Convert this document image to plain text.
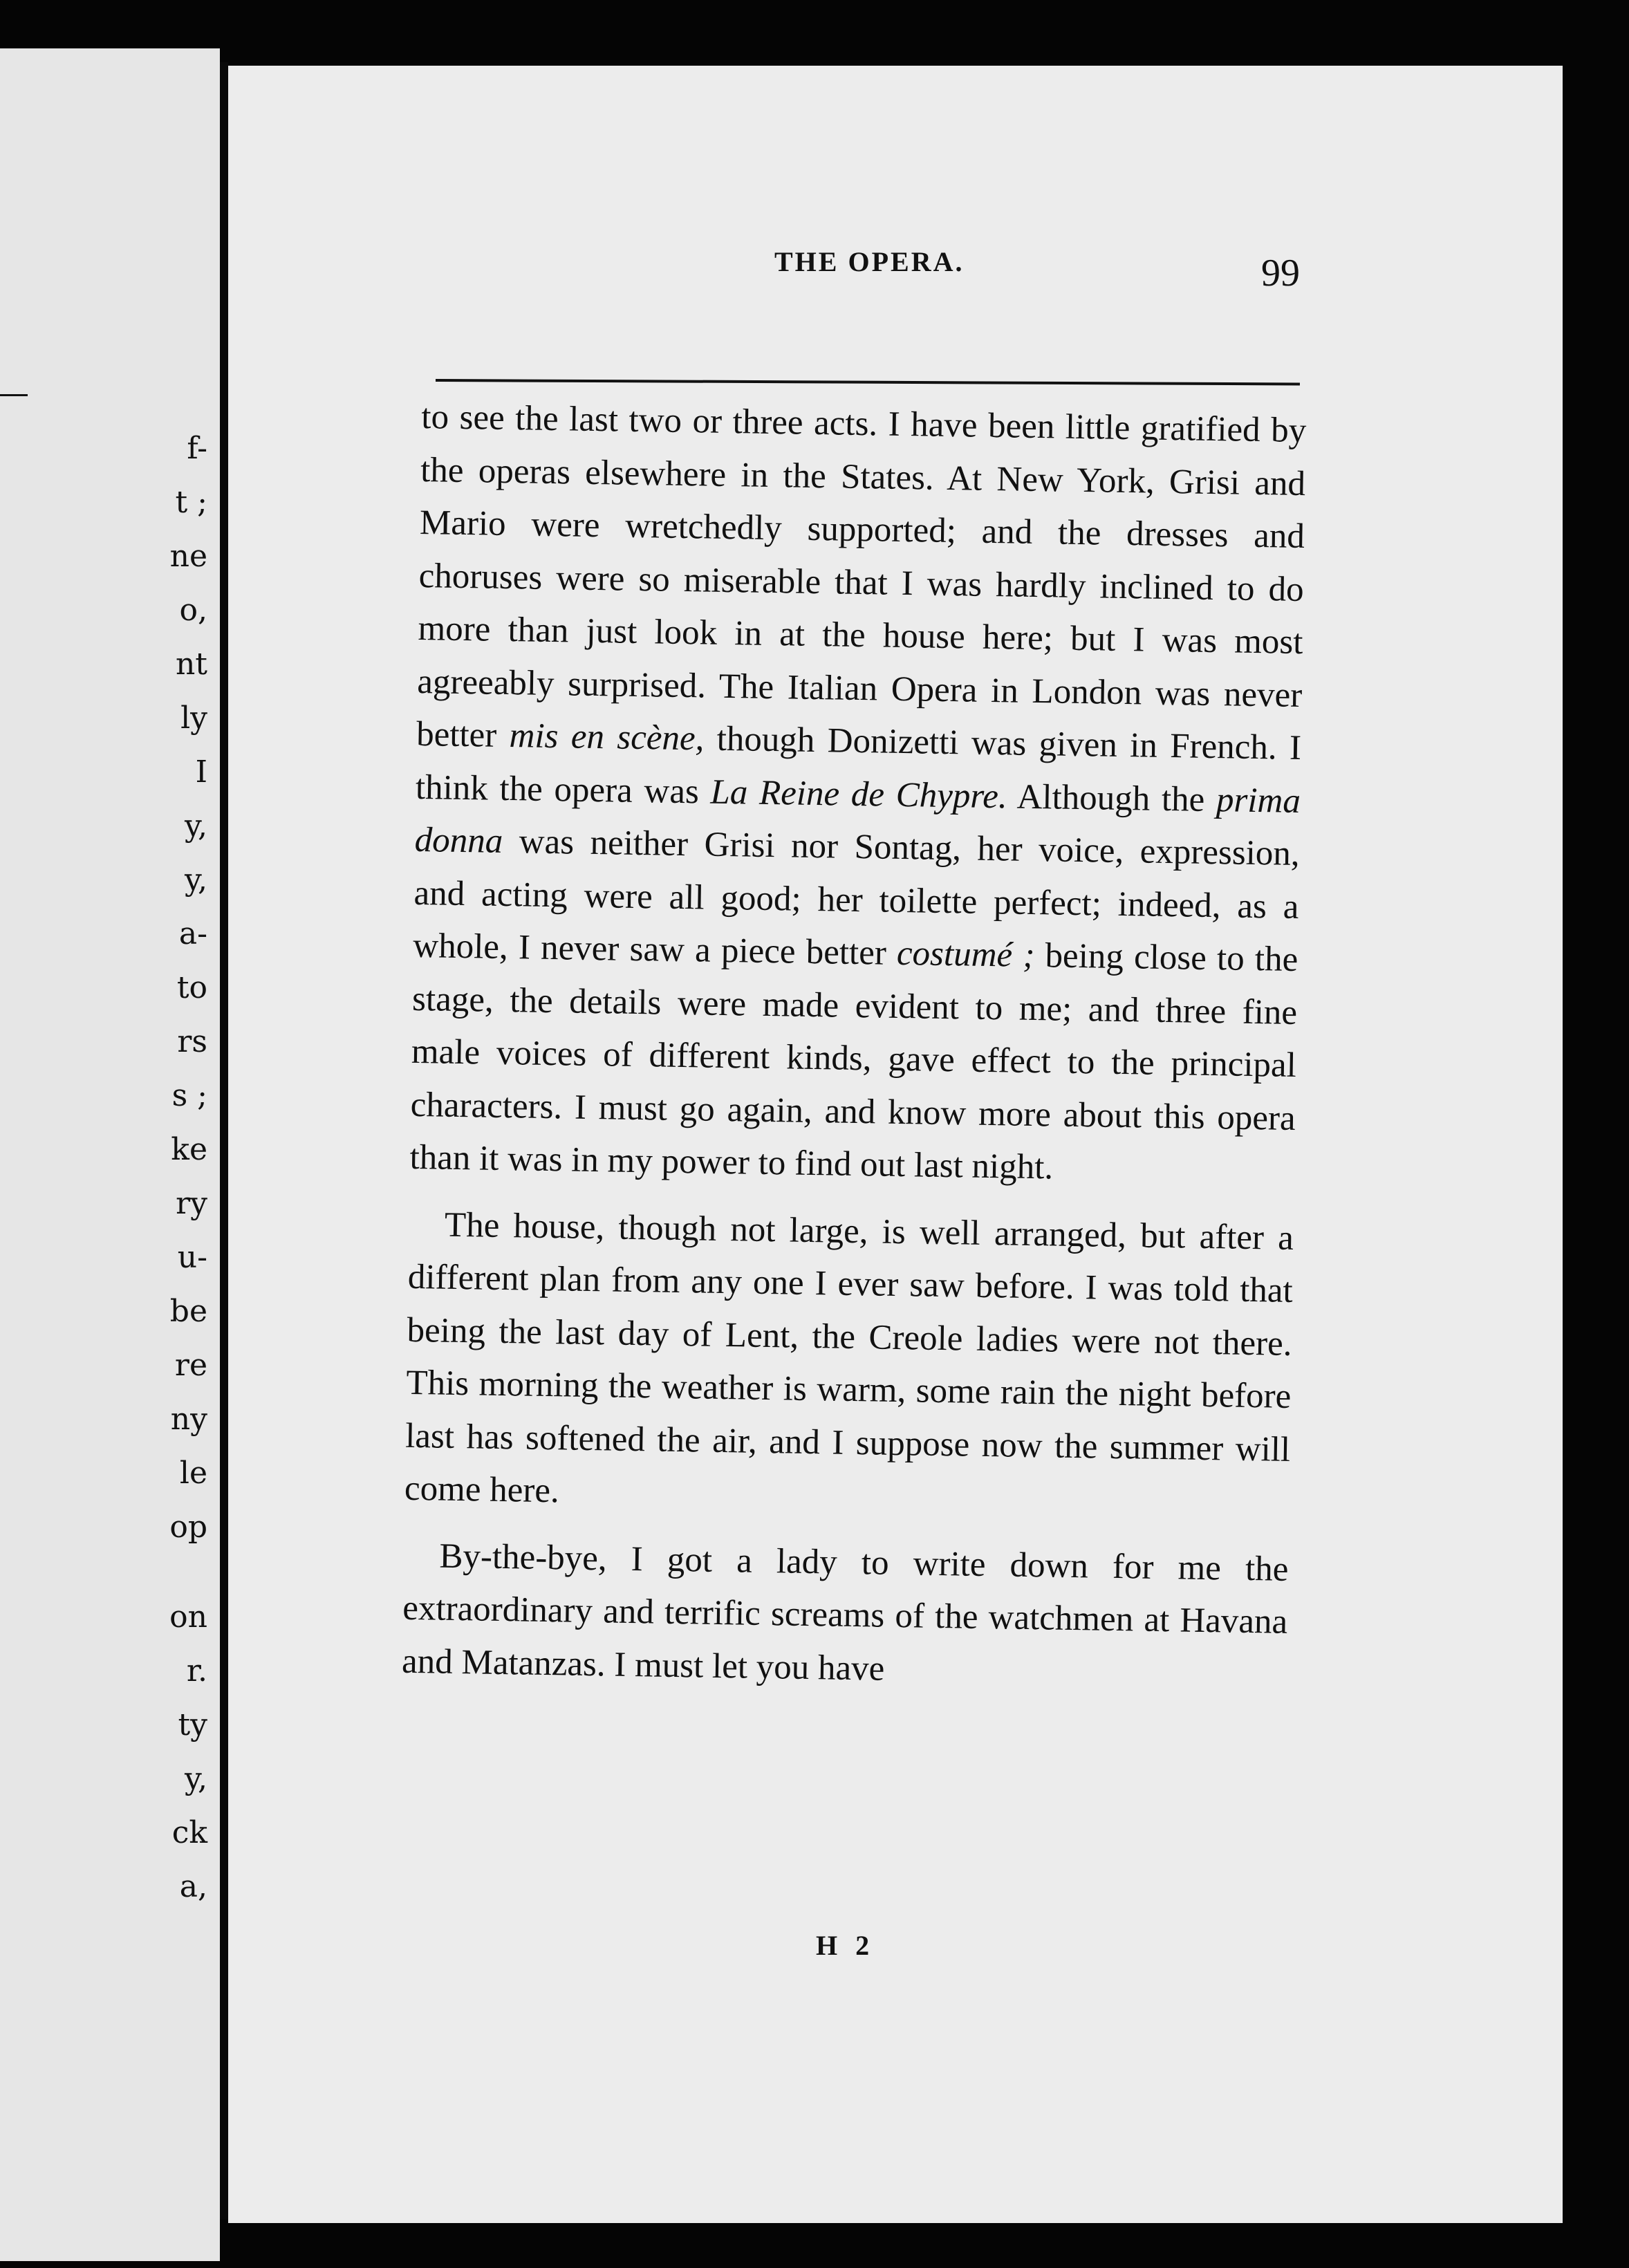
f-
t ;
ne
o,
nt
ly
I
y,
y,
a-
to
rs
s ;
ke
ry
u-
be
re
ny
le
op
on
r.
ty
y,
ck
a,
THE OPERA.	99

to see the last two or three acts. I have been little gratified by the operas elsewhere in the States. At New York, Grisi and Mario were wretchedly supported; and the dresses and choruses were so miserable that I was hardly inclined to do more than just look in at the house here; but I was most agreeably surprised. The Italian Opera in London was never better mis en scène, though Donizetti was given in French. I think the opera was La Reine de Chypre. Although the prima donna was neither Grisi nor Sontag, her voice, expression, and acting were all good; her toilette perfect; indeed, as a whole, I never saw a piece better costumé ; being close to the stage, the details were made evident to me; and three fine male voices of different kinds, gave effect to the principal characters. I must go again, and know more about this opera than it was in my power to find out last night.

The house, though not large, is well arranged, but after a different plan from any one I ever saw before. I was told that being the last day of Lent, the Creole ladies were not there. This morning the weather is warm, some rain the night before last has softened the air, and I suppose now the summer will come here.

By-the-bye, I got a lady to write down for me the extraordinary and terrific screams of the watchmen at Havana and Matanzas. I must let you have

H 2
